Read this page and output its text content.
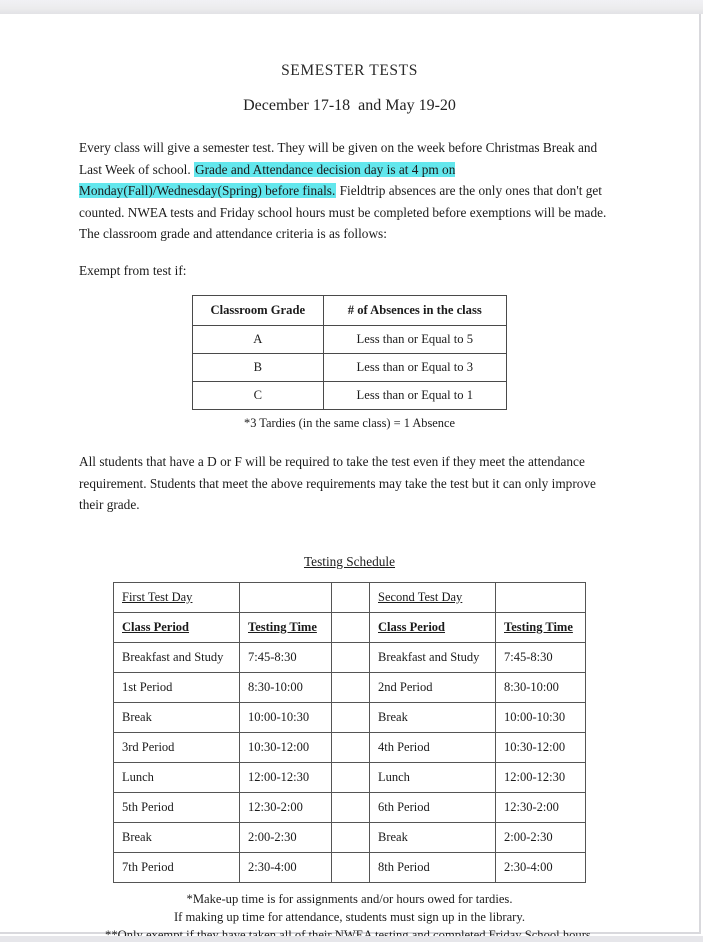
SEMESTER TESTS
December 17-18  and May 19-20

Every class will give a semester test. They will be given on the week before Christmas Break and Last Week of school. Grade and Attendance decision day is at 4 pm on Monday(Fall)/Wednesday(Spring) before finals. Fieldtrip absences are the only ones that don't get counted. NWEA tests and Friday school hours must be completed before exemptions will be made. The classroom grade and attendance criteria is as follows:

Exempt from test if:

Classroom Grade	# of Absences in the class
A	Less than or Equal to 5
B	Less than or Equal to 3
C	Less than or Equal to 1
*3 Tardies (in the same class) = 1 Absence

All students that have a D or F will be required to take the test even if they meet the attendance requirement. Students that meet the above requirements may take the test but it can only improve their grade.

Testing Schedule
First Test Day			Second Test Day	
Class Period	Testing Time		Class Period	Testing Time
Breakfast and Study	7:45-8:30		Breakfast and Study	7:45-8:30
1st Period	8:30-10:00		2nd Period	8:30-10:00
Break	10:00-10:30		Break	10:00-10:30
3rd Period	10:30-12:00		4th Period	10:30-12:00
Lunch	12:00-12:30		Lunch	12:00-12:30
5th Period	12:30-2:00		6th Period	12:30-2:00
Break	2:00-2:30		Break	2:00-2:30
7th Period	2:30-4:00		8th Period	2:30-4:00
*Make-up time is for assignments and/or hours owed for tardies.
If making up time for attendance, students must sign up in the library.
